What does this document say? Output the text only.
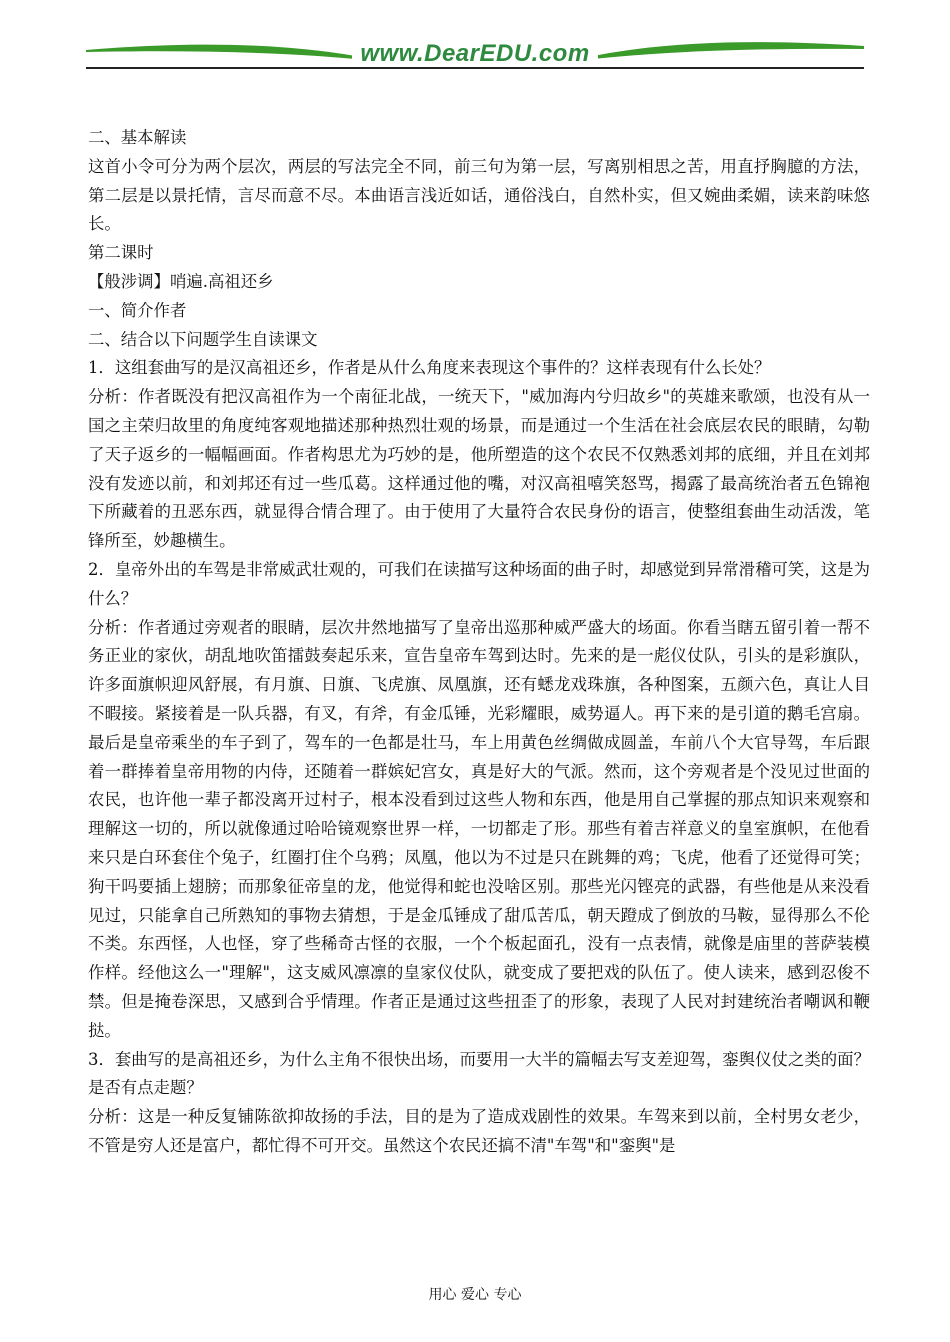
www.DearEDU.com

二、基本解读

这首小令可分为两个层次，两层的写法完全不同，前三句为第一层，写离别相思之苦，用直抒胸臆的方法，第二层是以景托情，言尽而意不尽。本曲语言浅近如话，通俗浅白，自然朴实，但又婉曲柔媚，读来韵味悠长。

第二课时

【般涉调】哨遍.高祖还乡

一、简介作者

二、结合以下问题学生自读课文

1．这组套曲写的是汉高祖还乡，作者是从什么角度来表现这个事件的？这样表现有什么长处？

分析：作者既没有把汉高祖作为一个南征北战，一统天下，"威加海内兮归故乡"的英雄来歌颂，也没有从一国之主荣归故里的角度纯客观地描述那种热烈壮观的场景，而是通过一个生活在社会底层农民的眼睛，勾勒了天子返乡的一幅幅画面。作者构思尤为巧妙的是，他所塑造的这个农民不仅熟悉刘邦的底细，并且在刘邦没有发迹以前，和刘邦还有过一些瓜葛。这样通过他的嘴，对汉高祖嘻笑怒骂，揭露了最高统治者五色锦袍下所藏着的丑恶东西，就显得合情合理了。由于使用了大量符合农民身份的语言，使整组套曲生动活泼，笔锋所至，妙趣横生。

2．皇帝外出的车驾是非常威武壮观的，可我们在读描写这种场面的曲子时，却感觉到异常滑稽可笑，这是为什么？

分析：作者通过旁观者的眼睛，层次井然地描写了皇帝出巡那种威严盛大的场面。你看当瞎五留引着一帮不务正业的家伙，胡乱地吹笛擂鼓奏起乐来，宣告皇帝车驾到达时。先来的是一彪仪仗队，引头的是彩旗队，许多面旗帜迎风舒展，有月旗、日旗、飞虎旗、凤凰旗，还有蟋龙戏珠旗，各种图案，五颜六色，真让人目不暇接。紧接着是一队兵器，有叉，有斧，有金瓜锤，光彩耀眼，威势逼人。再下来的是引道的鹅毛宫扇。最后是皇帝乘坐的车子到了，驾车的一色都是壮马，车上用黄色丝绸做成圆盖，车前八个大官导驾，车后跟着一群捧着皇帝用物的内侍，还随着一群嫔妃宫女，真是好大的气派。然而，这个旁观者是个没见过世面的农民，也许他一辈子都没离开过村子，根本没看到过这些人物和东西，他是用自己掌握的那点知识来观察和理解这一切的，所以就像通过哈哈镜观察世界一样，一切都走了形。那些有着吉祥意义的皇室旗帜，在他看来只是白环套住个兔子，红圈打住个乌鸦；凤凰，他以为不过是只在跳舞的鸡；飞虎，他看了还觉得可笑；狗干吗要插上翅膀；而那象征帝皇的龙，他觉得和蛇也没啥区别。那些光闪铿亮的武器，有些他是从来没看见过，只能拿自己所熟知的事物去猜想，于是金瓜锤成了甜瓜苦瓜，朝天蹬成了倒放的马鞍，显得那么不伦不类。东西怪，人也怪，穿了些稀奇古怪的衣服，一个个板起面孔，没有一点表情，就像是庙里的菩萨装模作样。经他这么一"理解"，这支威风凛凛的皇家仪仗队，就变成了要把戏的队伍了。使人读来，感到忍俊不禁。但是掩卷深思，又感到合乎情理。作者正是通过这些扭歪了的形象，表现了人民对封建统治者嘲讽和鞭挞。

3．套曲写的是高祖还乡，为什么主角不很快出场，而要用一大半的篇幅去写支差迎驾，銮舆仪仗之类的面？是否有点走题？

分析：这是一种反复铺陈欲抑故扬的手法，目的是为了造成戏剧性的效果。车驾来到以前，全村男女老少，不管是穷人还是富户，都忙得不可开交。虽然这个农民还搞不清"车驾"和"銮舆"是

用心 爱心 专心
